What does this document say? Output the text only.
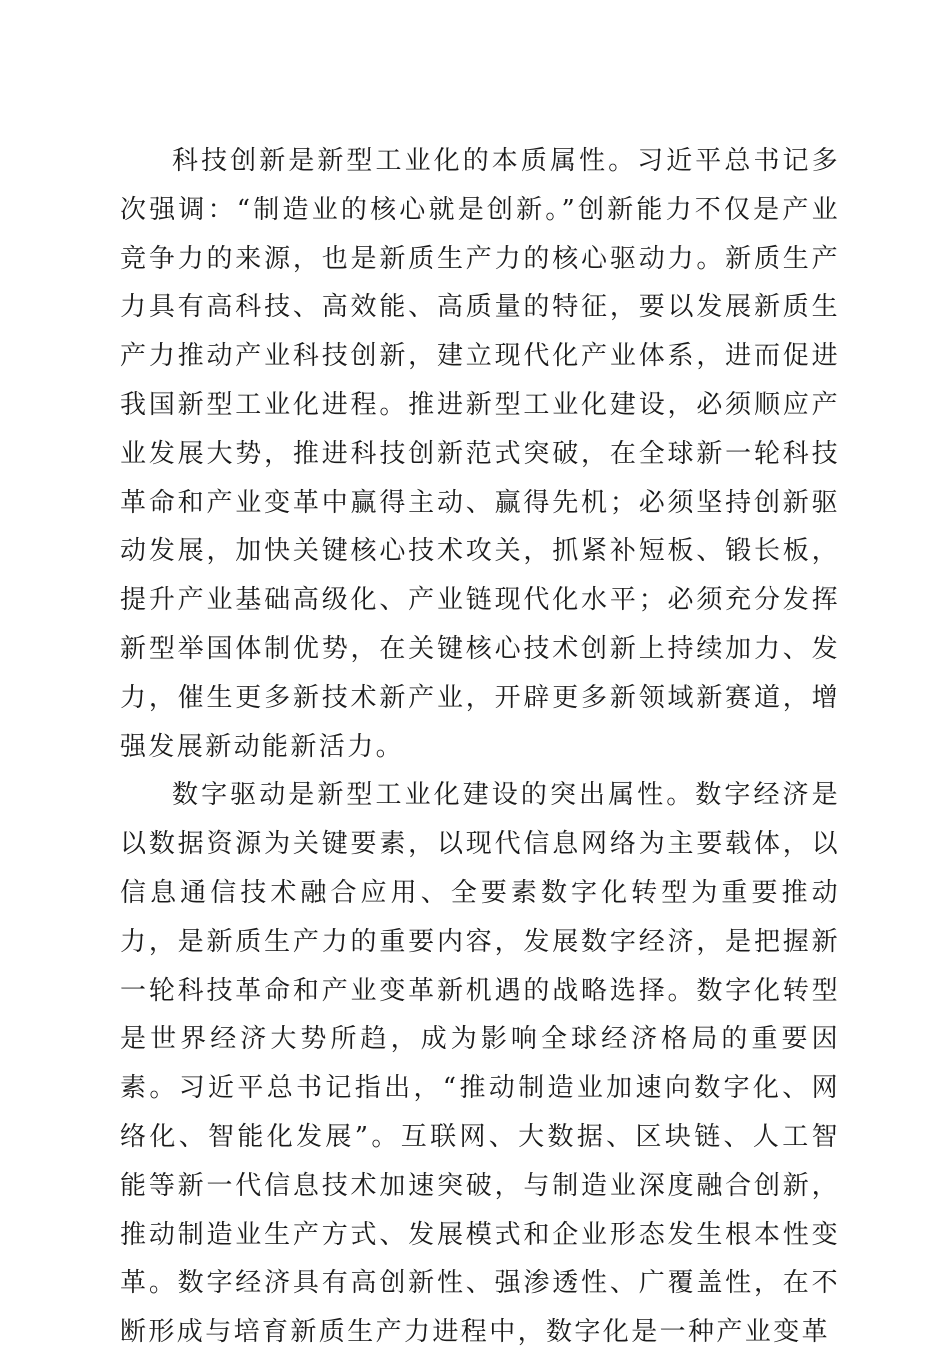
科技创新是新型工业化的本质属性。习近平总书记多次强调：“制造业的核心就是创新。”创新能力不仅是产业竞争力的来源，也是新质生产力的核心驱动力。新质生产力具有高科技、高效能、高质量的特征，要以发展新质生产力推动产业科技创新，建立现代化产业体系，进而促进我国新型工业化进程。推进新型工业化建设，必须顺应产业发展大势，推进科技创新范式突破，在全球新一轮科技革命和产业变革中赢得主动、赢得先机；必须坚持创新驱动发展，加快关键核心技术攻关，抓紧补短板、锻长板，提升产业基础高级化、产业链现代化水平；必须充分发挥新型举国体制优势，在关键核心技术创新上持续加力、发力，催生更多新技术新产业，开辟更多新领域新赛道，增强发展新动能新活力。

数字驱动是新型工业化建设的突出属性。数字经济是以数据资源为关键要素，以现代信息网络为主要载体，以信息通信技术融合应用、全要素数字化转型为重要推动力，是新质生产力的重要内容，发展数字经济，是把握新一轮科技革命和产业变革新机遇的战略选择。数字化转型是世界经济大势所趋，成为影响全球经济格局的重要因素。习近平总书记指出，“推动制造业加速向数字化、网络化、智能化发展”。互联网、大数据、区块链、人工智能等新一代信息技术加速突破，与制造业深度融合创新，推动制造业生产方式、发展模式和企业形态发生根本性变革。数字经济具有高创新性、强渗透性、广覆盖性，在不断形成与培育新质生产力进程中，数字化是一种产业变革
